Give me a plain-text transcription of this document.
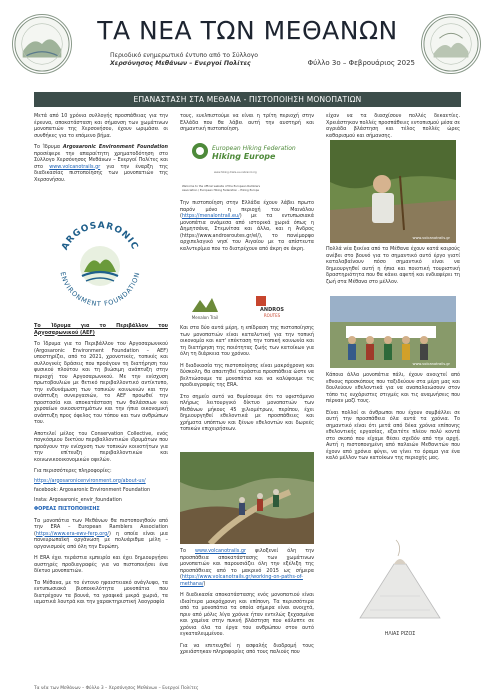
ΤΑ ΝΕΑ ΤΩΝ ΜΕΘΑΝΩΝ
Περιοδικό ενημερωτικό έντυπο από το Σύλλογο
Χερσόνησος Μεθάνων – Ενεργοί Πολίτες	Φύλλο 3ο – Φεβρουάριος 2025
ΕΠΑΝΑΣΤΑΣΗ ΣΤΑ ΜΕΘΑΝΑ - ΠΙΣΤΟΠΟΙΗΣΗ ΜΟΝΟΠΑΤΙΩΝ

Μετά από 10 χρόνια συλλογής προσπάθειας για την έρευνα, αποκατάσταση και σήμανση των χωμάτινων μονοπατιών της Χερσονήσου, έχουν ωριμάσει οι συνθήκες για το επόμενο βήμα.

Το Ίδρυμα Argosaronic Environment Foundation προσέφερε την απαραίτητη χρηματοδότηση στο Σύλλογο Χερσόνησος Μεθάνων – Ενεργοί Πολίτες και στο www.volcanotrails.gr για την έναρξη της διαδικασίας πιστοποίησης των μονοπατιών της Χερσονήσου.

ARGOSARONIC
ENVIRONMENT FOUNDATION

Το Ίδρυμα για το Περιβάλλον του Αργοσαρωνικού (AEF)

Το Ίδρυμα για το Περιβάλλον του Αργοσαρωνικού (Argosaronic Environment Foundation – AEF) υποστηρίζει, από το 2021, χρονοτικές, τοπικές και συλλογικές δράσεις που προάγουν τη διατήρηση του φυσικού πλούτου και τη βιώσιμη ανάπτυξη στην περιοχή του Αργοσαρωνικού. Με την ενίσχυση πρωτοβουλιών με θετικό περιβαλλοντικό αντίκτυπο, την ενδυνάμωση των τοπικών κοινωνιών και την ανάπτυξη συνεργασιών, το AEF προωθεί την προστασία και αποκατάσταση των θαλάσσιων και χερσαίων οικοσυστημάτων και την ήπια οικονομική ανάπτυξη προς όφελος του τόπου και των ανθρώπων του.

Αποτελεί μέλος του Conservation Collective, ενός παγκόσμιου δικτύου περιβαλλοντικών ιδρυμάτων που προάγουν την ενίσχυση των τοπικών κοινοτήτων για την επίτευξη περιβαλλοντικών και κοινωνικοοικονομικών οφελών.

Για περισσότερες πληροφορίες:

https://argosaronicenvironment.org/about-us/

facebook: Argosaronic Environment Foundation

Insta: Argosaronic_envir_foundation

ΦΟΡΕΑΣ ΠΙΣΤΟΠΟΙΗΣΗΣ

Τα μονοπάτια των Μεθάνων θα πιστοποιηθούν από την ERA – European Ramblers Association (https://www.era-ewv-ferp.org/) η οποία είναι μια πανευρωπαϊκή οργάνωση με πολυάριθμα μέλη – οργανισμούς από όλη την Ευρώπη.

Η ERA έχει τεράστια εμπειρία και έχει δημιουργήσει αυστηρές προδιαγραφές για να πιστοποιήσει ένα δίκτυο μονοπατιών.

Τα Μέθανα, με το έντονο ηφαιστειακό ανάγλυφο, τα εντυπωσιακά βιοποικιλότητα μονοπάτια που διατρέχουν τα βουνά, τα γραφικά μικρά χωριά, τα ιαματικά λουτρά και την χαρακτηριστική λαογραφία

τους, ευελπιστούμε να είναι η τρίτη περιοχή στην Ελλάδα που θα λάβει αυτή την αυστηρή και σημαντική πιστοποίηση.

European Hiking Federation
Hiking Europe
www.hiking-trails-eu-rebrand.org
Welcome to the official website of the European Ramblers
Association / European Hiking Federation – Hiking Europe

Την πιστοποίηση στην Ελλάδα έχουν λάβει πρωτο παρόν μόνο η περιοχή του Μαινάλου (https://menalontrail.eu/) με τα εντυπωσιακά μονοπάτια ανάμεσα από ιστορικά χωριά όπως η Δημητσάνα, Στεμνίτσα και άλλα, και η Άνδρος (https://www.androsroutes.gr/el/), το πανέμορφο αρχιπελαγικό νησί του Αιγαίου με τα απίστευτα καλντερίμια που το διατρέχουν από άκρη σε άκρη.

Menalon Trail
ANDROS
ROUTES

Και στα δύο αυτά μέρη, η επίδραση της πιστοποίησης των μονοπατιών είναι καταλυτική για την τοπική οικονομία και κατ' επέκταση την τοπική κοινωνία και τη διατήρηση της ποιότητας ζωής των κατοίκων για όλη τη διάρκεια του χρόνου.

Η διαδικασία της πιστοποίησης είναι μακρόχρονη και δύσκολη, θα απαιτηθεί τεράστια προσπάθεια ώστε να βελτιώσουμε τα μονοπάτια και να καλύψουμε τις προδιαγραφές της ERA.

Στο σημείο αυτό να θυμίσουμε ότι το υφιστάμενο πλήρως λειτουργικό δίκτυο μονοπατιών των Μεθάνων μήκους 45 χιλιομέτρων, περίπου, έχει δημιουργηθεί εθελοντικά με προσπάθειες και χρήματα υπόπτων και ξένων εθελοντών και δωρεές τοπικών επιχειρήσεων.

Το www.volcanotrails.gr φιλοξενεί όλη την προσπάθεια αποκατάστασης των χωμάτινων μονοπατιών και παρουσιάζει όλη την εξέλιξη της προσπάθειας από το μακρινό 2015 ως σήμερα (https://www.volcanotrails.gr/working-on-paths-of-methana/)

Η διαδικασία αποκατάστασης ενός μονοπατιού είναι ιδιαίτερα μακρόχρονη και επίπονη. Τα περισσότερα από τα μονοπάτια τα οποία σήμερα είναι ανοιχτά, πριν από μόλις λίγα χρόνια ήταν εντελώς ξεχασμένα και χαμένα στην πυκνή βλάστηση που κάλυπτε σε χρόνια όλα τα έργα του ανθρώπου στον αυτό εγκαταλειμμένου.

Για να επιτευχθεί η ασφαλής διαδρομή τους χρειάστηκαν πληροφορίες από τους παλιούς που

είχαν να τα διασχίσουν πολλές δεκαετίες. Χρειάστηκαν πολλές προσπάθειες εντοπισμού μέσα σε αγριάδα βλάστηση και τέλος πολλές ώρες καθαρισμού και σήμανσης.

www.volcanotrails.gr

Πολλά νέα ξεκίνα από τα Μέθανα έχουν κατά καιρούς ανέβει στο βουνό για το σημαντικό αυτό έργο γιατί καταλαβαίνουν πόσο σημαντικό είναι να δημιουργηθεί αυτή η ήπια και ποιοτική τουριστική δραστηριότητα που θα κάνει αφετή και ενδιαφέρει τη ζωή στα Μέθανα στο μέλλον.

www.volcanotrails.gr

Κάποια άλλα μονοπάτια πάλι, έχουν ανοιχτεί από εθνους προσκόπους που ταξιδεύουν στα μέρη μας και δουλεύουν εθελοντικά για να αναπαλαιώσουν στον τόπο τις ευχάριστες στιγμές και τις αναμνήσεις που πέρναν μαζί τους.

Είναι πολλοί οι άνθρωποι που έχουν συμβάλλει σε αυτή την προσπάθεια όλα αυτά τα χρόνια. Το σημαντικό είναι ότι μετά από δέκα χρόνια επίπονης εθελοντικής εργασίας, εξαιτέτε πλέον πολύ κοντά στο σκοπό που είχαμε θέσει σχεδόν από την αρχή. Αυτή η πιστοποιημένη από παλαιών Μεθανιτών που έχουν από χρόνια φύγει, να γίνει το όραμα για ένα καλό μέλλον των κατοίκων της περιοχής μας.

ΗΛΙΑΣ ΡΙΖΟΣ
Τα νέα των Μεθάνων – Φύλλο 3 – Χερσόνησος Μεθάνων – Ενεργοί Πολίτες
